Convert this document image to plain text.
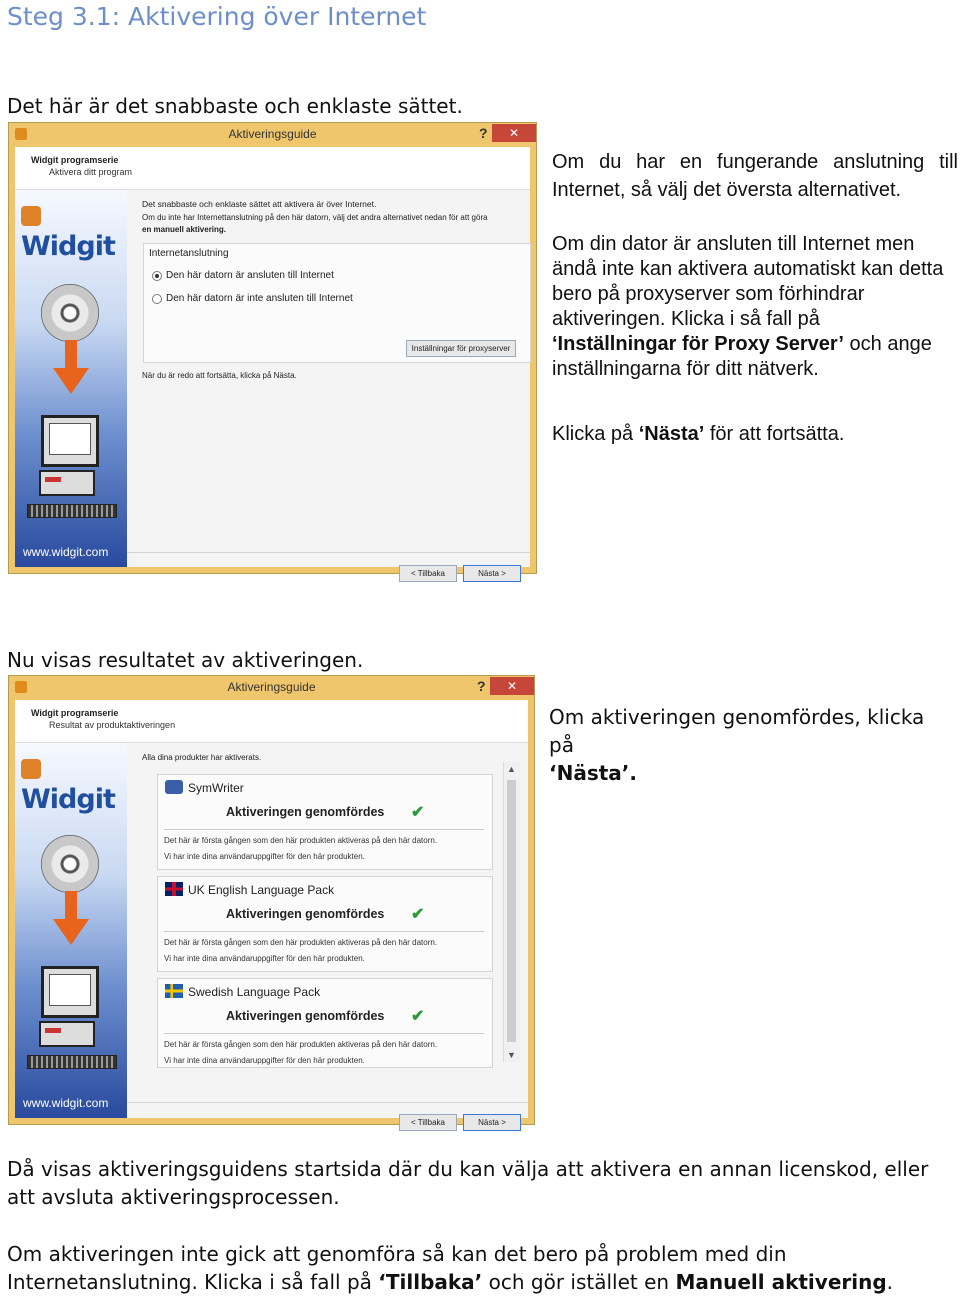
Steg 3.1: Aktivering över Internet
Det här är det snabbaste och enklaste sättet.
Aktiveringsguide	?	✕
Widgit programserie
Aktivera ditt program
Widgit
www.widgit.com
Det snabbaste och enklaste sättet att aktivera är över Internet.
Om du inte har Internettanslutning på den här datorn, välj det andra alternativet nedan för att göra
en manuell aktivering.
Internetanslutning
Den här datorn är ansluten till Internet
Den här datorn är inte ansluten till Internet
Inställningar för proxyserver
När du är redo att fortsätta, klicka på Nästa.
< Tillbaka	Nästa >
Om du har en fungerande anslutning till Internet, så välj det översta alternativet.
Om din dator är ansluten till Internet men ändå inte kan aktivera automatiskt kan detta bero på proxyserver som förhindrar aktiveringen. Klicka i så fall på
‘Inställningar för Proxy Server’ och ange inställningarna för ditt nätverk.
Klicka på ‘Nästa’ för att fortsätta.
Nu visas resultatet av aktiveringen.
Aktiveringsguide	?	✕
Widgit programserie
Resultat av produktaktiveringen
Widgit
www.widgit.com
Alla dina produkter har aktiverats.
SymWriter
Aktiveringen genomfördes ✔
Det här är första gången som den här produkten aktiveras på den här datorn.
Vi har inte dina användaruppgifter för den här produkten.
UK English Language Pack
Aktiveringen genomfördes ✔
Det här är första gången som den här produkten aktiveras på den här datorn.
Vi har inte dina användaruppgifter för den här produkten.
Swedish Language Pack
Aktiveringen genomfördes ✔
Det här är första gången som den här produkten aktiveras på den här datorn.
Vi har inte dina användaruppgifter för den här produkten.
▲
▼
< Tillbaka	Nästa >
Om aktiveringen genomfördes, klicka på
‘Nästa’.
Då visas aktiveringsguidens startsida där du kan välja att aktivera en annan licenskod, eller att avsluta aktiveringsprocessen.
Om aktiveringen inte gick att genomföra så kan det bero på problem med din Internetanslutning. Klicka i så fall på ‘Tillbaka’ och gör istället en Manuell aktivering.
